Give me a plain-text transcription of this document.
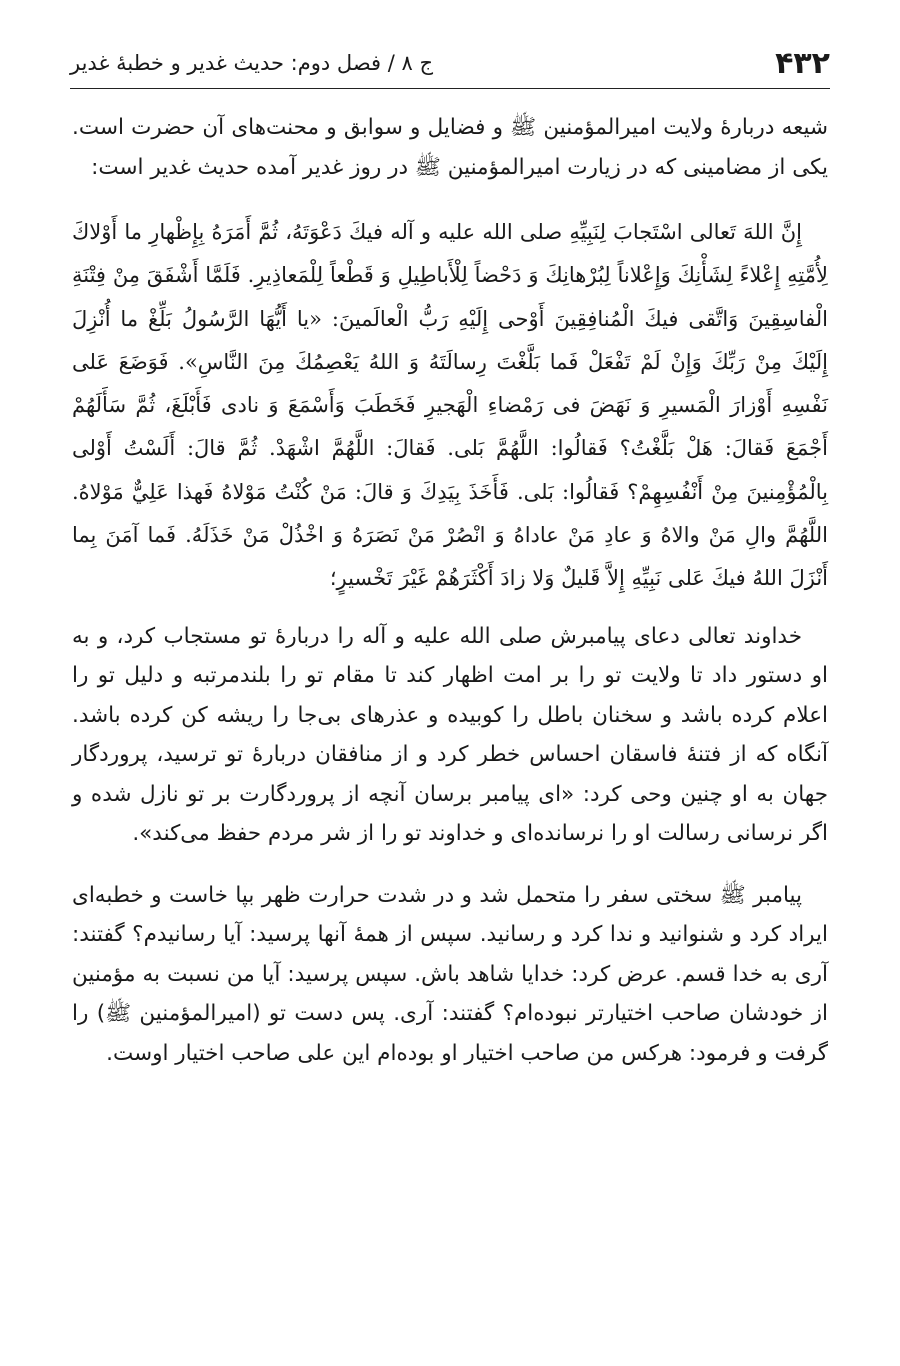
۴۳۲
ج ۸ / فصل دوم: حدیث غدیر و خطبهٔ غدیر

شیعه دربارهٔ ولایت امیرالمؤمنین ﷺ و فضایل و سوابق و محنت‌های آن حضرت است. یکی از مضامینی که در زیارت امیرالمؤمنین ﷺ در روز غدیر آمده حدیث غدیر است:

إِنَّ اللهَ تَعالی اسْتَجابَ لِنَبِيِّهِ صلى الله عليه و آله فيكَ دَعْوَتَهُ، ثُمَّ أَمَرَهُ بِإِظْهارِ ما أَوْلاكَ لِأُمَّتِهِ إِعْلاءً لِشَأْنِكَ وَإِعْلاناً لِبُرْهانِكَ وَ دَحْضاً لِلْأَباطِيلِ وَ قَطْعاً لِلْمَعاذِيرِ. فَلَمَّا أَشْفَقَ مِنْ فِتْنَةِ الْفاسِقِينَ وَاتَّقى فيكَ الْمُنافِقِينَ أَوْحى إِلَيْهِ رَبُّ الْعالَمينَ: «يا أَيُّهَا الرَّسُولُ بَلِّغْ ما أُنْزِلَ إِلَيْكَ مِنْ رَبِّكَ وَإِنْ لَمْ تَفْعَلْ فَما بَلَّغْتَ رِسالَتَهُ وَ اللهُ يَعْصِمُكَ مِنَ النَّاسِ». فَوَضَعَ عَلى نَفْسِهِ أَوْزارَ الْمَسيرِ وَ نَهَضَ فى رَمْضاءِ الْهَجيرِ فَخَطَبَ وَأَسْمَعَ وَ نادى فَأَبْلَغَ، ثُمَّ سَأَلَهُمْ أَجْمَعَ فَقالَ: هَلْ بَلَّغْتُ؟ فَقالُوا: اللَّهُمَّ بَلى. فَقالَ: اللَّهُمَّ اشْهَدْ. ثُمَّ قالَ: أَلَسْتُ أَوْلى بِالْمُؤْمِنينَ مِنْ أَنْفُسِهِمْ؟ فَقالُوا: بَلى. فَأَخَذَ بِيَدِكَ وَ قالَ: مَنْ كُنْتُ مَوْلاهُ فَهذا عَلِيٌّ مَوْلاهُ. اللَّهُمَّ والِ مَنْ والاهُ وَ عادِ مَنْ عاداهُ وَ انْصُرْ مَنْ نَصَرَهُ وَ اخْذُلْ مَنْ خَذَلَهُ. فَما آمَنَ بِما أَنْزَلَ اللهُ فيكَ عَلى نَبِيِّهِ إِلاَّ قَليلٌ وَلا زادَ أَكْثَرَهُمْ غَيْرَ تَخْسيرٍ؛

خداوند تعالی دعای پیامبرش صلی الله علیه و آله را دربارهٔ تو مستجاب کرد، و به او دستور داد تا ولایت تو را بر امت اظهار کند تا مقام تو را بلندمرتبه و دلیل تو را اعلام کرده باشد و سخنان باطل را کوبیده و عذرهای بی‌جا را ریشه کن کرده باشد. آنگاه که از فتنهٔ فاسقان احساس خطر کرد و از منافقان دربارهٔ تو ترسید، پروردگار جهان به او چنین وحی کرد: «ای پیامبر برسان آنچه از پروردگارت بر تو نازل شده و اگر نرسانی رسالت او را نرسانده‌ای و خداوند تو را از شر مردم حفظ می‌کند».

پیامبر ﷺ سختی سفر را متحمل شد و در شدت حرارت ظهر بپا خاست و خطبه‌ای ایراد کرد و شنوانید و ندا کرد و رسانید. سپس از همهٔ آنها پرسید: آیا رسانیدم؟ گفتند: آری به خدا قسم. عرض کرد: خدایا شاهد باش. سپس پرسید: آیا من نسبت به مؤمنین از خودشان صاحب اختیارتر نبوده‌ام؟ گفتند: آری. پس دست تو (امیرالمؤمنین ﷺ) را گرفت و فرمود: هرکس من صاحب اختیار او بوده‌ام این علی صاحب اختیار اوست.
